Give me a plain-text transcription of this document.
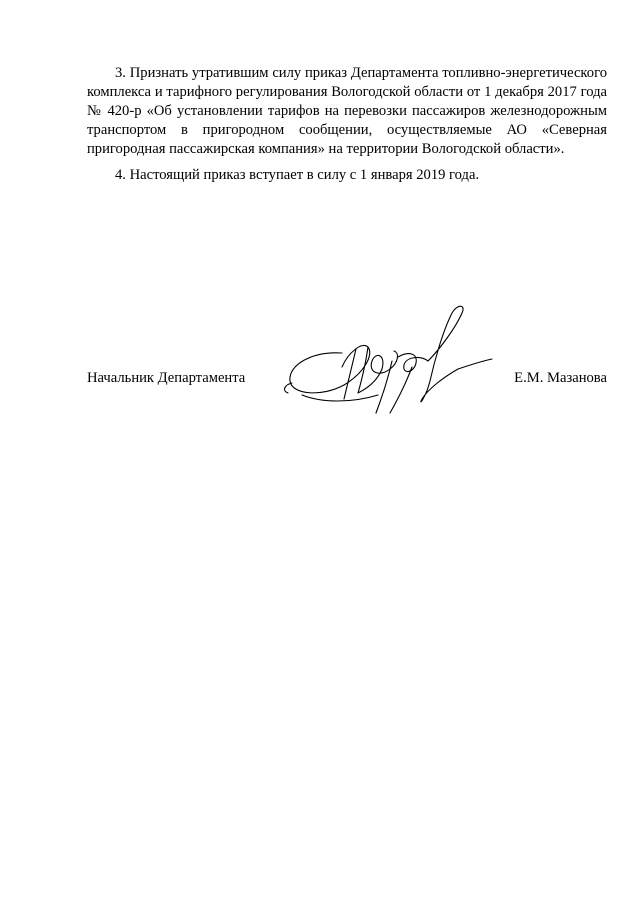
3. Признать утратившим силу приказ Департамента топливно-энергетического комплекса и тарифного регулирования Вологодской области от 1 декабря 2017 года № 420-р «Об установлении тарифов на перевозки пассажиров железнодорожным транспортом в пригородном сообщении, осуществляемые АО «Северная пригородная пассажирская компания» на территории Вологодской области».

4. Настоящий приказ вступает в силу с 1 января 2019 года.

Начальник Департамента	Е.М. Мазанова
